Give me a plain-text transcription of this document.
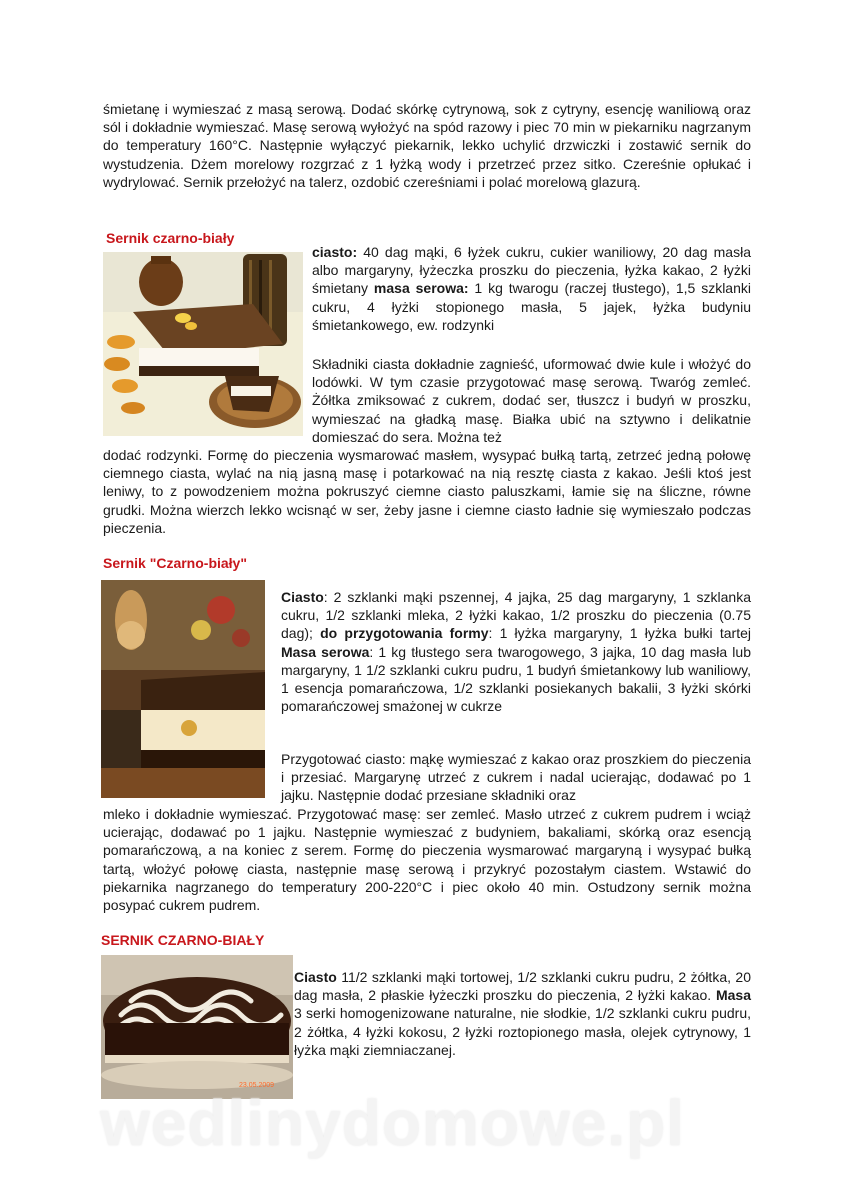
śmietanę i wymieszać z masą serową. Dodać skórkę cytrynową, sok z cytryny, esencję waniliową oraz sól i dokładnie wymieszać. Masę serową wyłożyć na spód razowy i piec 70 min w piekarniku nagrzanym do temperatury 160°C. Następnie wyłączyć piekarnik, lekko uchylić drzwiczki i zostawić sernik do wystudzenia. Dżem morelowy rozgrzać z 1 łyżką wody i przetrzeć przez sitko. Czereśnie opłukać i wydrylować. Sernik przełożyć na talerz, ozdobić czereśniami i polać morelową glazurą.

Sernik czarno-biały

ciasto: 40 dag mąki, 6 łyżek cukru, cukier waniliowy, 20 dag masła albo margaryny, łyżeczka proszku do pieczenia, łyżka kakao, 2 łyżki śmietany masa serowa: 1 kg twarogu (raczej tłustego), 1,5 szklanki cukru, 4 łyżki stopionego masła, 5 jajek, łyżka budyniu śmietankowego, ew. rodzynki

Składniki ciasta dokładnie zagnieść, uformować dwie kule i włożyć do lodówki. W tym czasie przygotować masę serową. Twaróg zemleć. Żółtka zmiksować z cukrem, dodać ser, tłuszcz i budyń w proszku, wymieszać na gładką masę. Białka ubić na sztywno i delikatnie domieszać do sera. Można też

dodać rodzynki. Formę do pieczenia wysmarować masłem, wysypać bułką tartą, zetrzeć jedną połowę ciemnego ciasta, wylać na nią jasną masę i potarkować na nią resztę ciasta z kakao. Jeśli ktoś jest leniwy, to z powodzeniem można pokruszyć ciemne ciasto paluszkami, łamie się na śliczne, równe grudki. Można wierzch lekko wcisnąć w ser, żeby jasne i ciemne ciasto ładnie się wymieszało podczas pieczenia.

Sernik "Czarno-biały"

Ciasto: 2 szklanki mąki pszennej, 4 jajka, 25 dag margaryny, 1 szklanka cukru, 1/2 szklanki mleka, 2 łyżki kakao, 1/2 proszku do pieczenia (0.75 dag); do przygotowania formy: 1 łyżka margaryny, 1 łyżka bułki tartej Masa serowa: 1 kg tłustego sera twarogowego, 3 jajka, 10 dag masła lub margaryny, 1 1/2 szklanki cukru pudru, 1 budyń śmietankowy lub waniliowy, 1 esencja pomarańczowa, 1/2 szklanki posiekanych bakalii, 3 łyżki skórki pomarańczowej smażonej w cukrze

Przygotować ciasto: mąkę wymieszać z kakao oraz proszkiem do pieczenia i przesiać. Margarynę utrzeć z cukrem i nadal ucierając, dodawać po 1 jajku. Następnie dodać przesiane składniki oraz

mleko i dokładnie wymieszać. Przygotować masę: ser zemleć. Masło utrzeć z cukrem pudrem i wciąż ucierając, dodawać po 1 jajku. Następnie wymieszać z budyniem, bakaliami, skórką oraz esencją pomarańczową, a na koniec z serem. Formę do pieczenia wysmarować margaryną i wysypać bułką tartą, włożyć połowę ciasta, następnie masę serową i przykryć pozostałym ciastem. Wstawić do piekarnika nagrzanego do temperatury 200-220°C i piec około 40 min. Ostudzony sernik można posypać cukrem pudrem.

SERNIK CZARNO-BIAŁY
23.05.2009

Ciasto 11/2 szklanki mąki tortowej, 1/2 szklanki cukru pudru, 2 żółtka, 20 dag masła, 2 płaskie łyżeczki proszku do pieczenia, 2 łyżki kakao. Masa 3 serki homogenizowane naturalne, nie słodkie, 1/2 szklanki cukru pudru, 2 żółtka, 4 łyżki kokosu, 2 łyżki roztopionego masła, olejek cytrynowy, 1 łyżka mąki ziemniaczanej.

wedlinydomowe.pl
